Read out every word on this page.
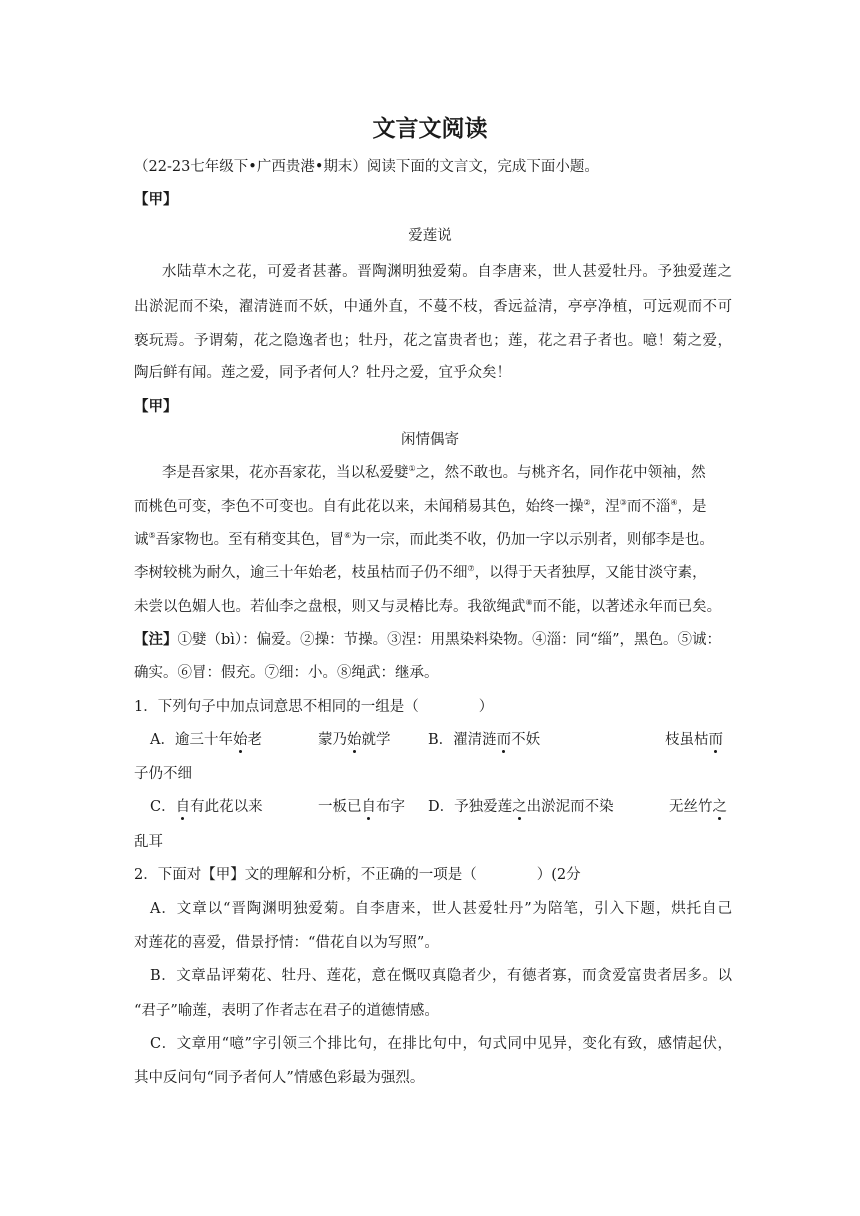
文言文阅读
（22-23七年级下•广西贵港•期末）阅读下面的文言文，完成下面小题。
【甲】
爱莲说
水陆草木之花，可爱者甚蕃。晋陶渊明独爱菊。自李唐来，世人甚爱牡丹。予独爱莲之
出淤泥而不染，濯清涟而不妖，中通外直，不蔓不枝，香远益清，亭亭净植，可远观而不可
亵玩焉。予谓菊，花之隐逸者也；牡丹，花之富贵者也；莲，花之君子者也。噫！菊之爱，
陶后鲜有闻。莲之爱，同予者何人？牡丹之爱，宜乎众矣！
【甲】
闲情偶寄
李是吾家果，花亦吾家花，当以私爱嬖①之，然不敢也。与桃齐名，同作花中领袖，然
而桃色可变，李色不可变也。自有此花以来，未闻稍易其色，始终一操②，涅③而不淄④，是
诚⑤吾家物也。至有稍变其色，冒⑥为一宗，而此类不收，仍加一字以示别者，则郁李是也。
李树较桃为耐久，逾三十年始老，枝虽枯而子仍不细⑦，以得于天者独厚，又能甘淡守素，
未尝以色媚人也。若仙李之盘根，则又与灵椿比寿。我欲绳武⑧而不能，以著述永年而已矣。
【注】①嬖（bì）：偏爱。②操：节操。③涅：用黑染料染物。④淄：同“缁”，黑色。⑤诚：
确实。⑥冒：假充。⑦细：小。⑧绳武：继承。
1．下列句子中加点词意思不相同的一组是（	）
A．逾三十年始老	蒙乃始就学	B．濯清涟而不妖	枝虽枯而
子仍不细
C．自有此花以来	一板已自布字 D．予独爱莲之出淤泥而不染	无丝竹之
乱耳
2．下面对【甲】文的理解和分析，不正确的一项是（	）(2分
A．文章以“晋陶渊明独爱菊。自李唐来，世人甚爱牡丹”为陪笔，引入下题，烘托自己
对莲花的喜爱，借景抒情：“借花自以为写照”。
B．文章品评菊花、牡丹、莲花，意在慨叹真隐者少，有德者寡，而贪爱富贵者居多。以
“君子”喻莲，表明了作者志在君子的道德情感。
C．文章用“噫”字引领三个排比句，在排比句中，句式同中见异，变化有致，感情起伏，
其中反问句“同予者何人”情感色彩最为强烈。
